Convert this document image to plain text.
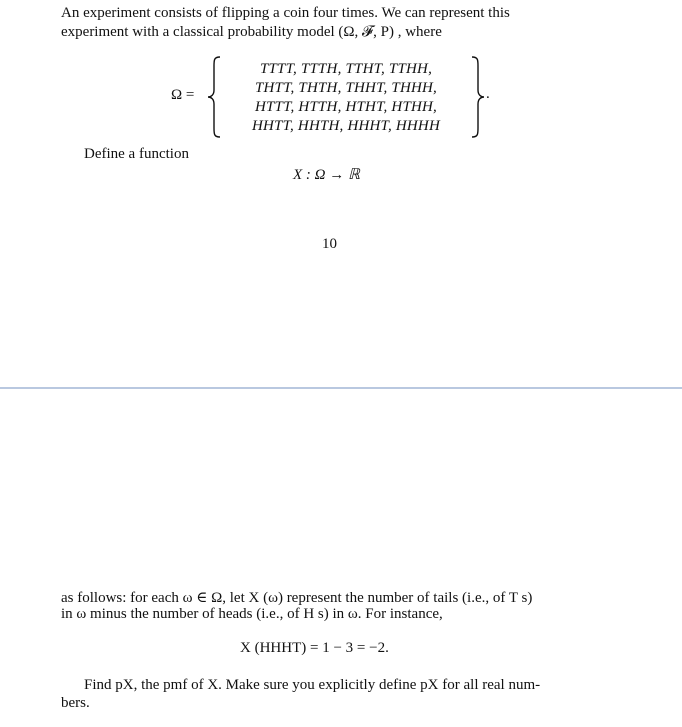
An experiment consists of flipping a coin four times. We can represent this
experiment with a classical probability model (Ω, 𝓕, P) , where
Ω =
TTTT, TTTH, TTHT, TTHH,
THTT, THTH, THHT, THHH,
HTTT, HTTH, HTHT, HTHH,
HHTT, HHTH, HHHT, HHHH
.
Define a function
X : Ω → ℝ
10
as follows: for each ω ∈ Ω, let X (ω) represent the number of tails (i.e., of T s)
in ω minus the number of heads (i.e., of H s) in ω. For instance,
X (HHHT) = 1 − 3 = −2.
Find pX, the pmf of X. Make sure you explicitly define pX for all real num-
bers.
